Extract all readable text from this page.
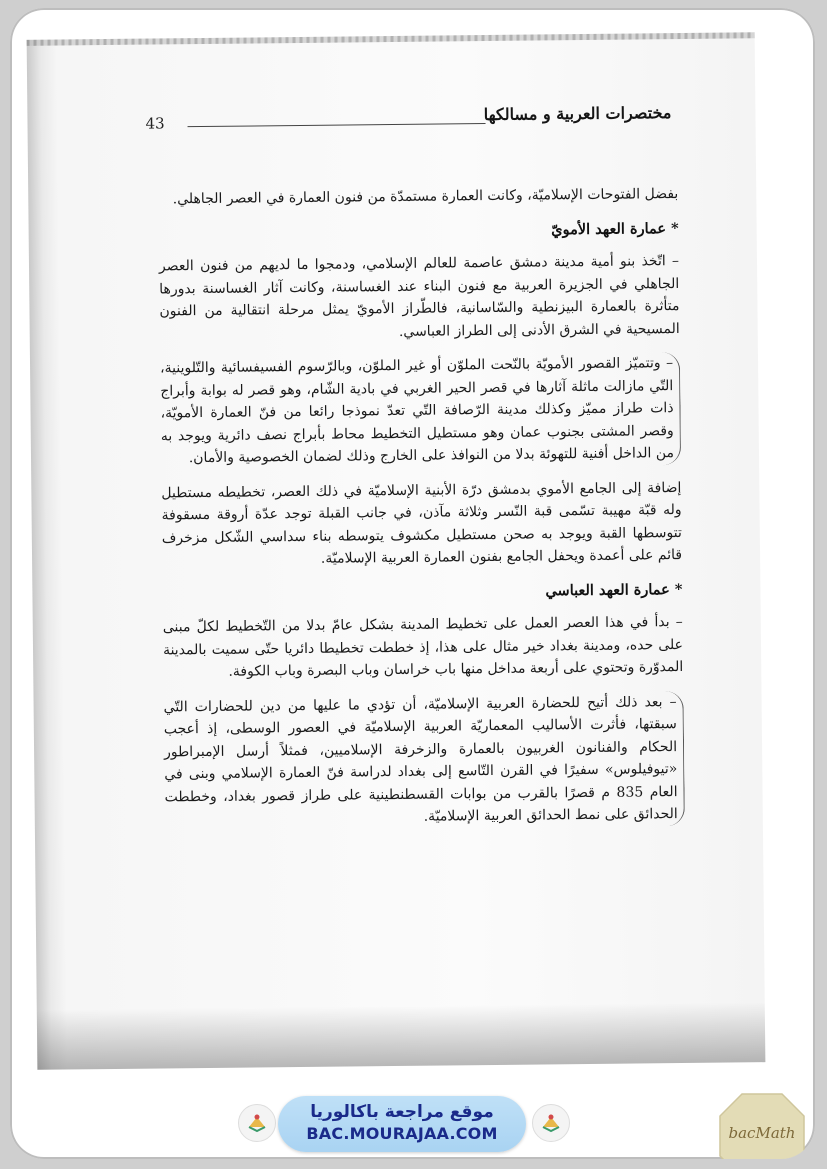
43	مختصرات العربية و مسالكها

بفضل الفتوحات الإسلاميّة، وكانت العمارة مستمدّة من فنون العمارة في العصر الجاهلي.

* عمارة العهد الأمويّ

– اتّخذ بنو أمية مدينة دمشق عاصمة للعالم الإسلامي، ودمجوا ما لديهم من فنون العصر الجاهلي في الجزيرة العربية مع فنون البناء عند الغساسنة، وكانت آثار الغساسنة بدورها متأثرة بالعمارة البيزنطية والسّاسانية، فالطّراز الأمويّ يمثل مرحلة انتقالية من الفنون المسيحية في الشرق الأدنى إلى الطراز العباسي.

– وتتميّز القصور الأمويّة بالنّحت الملوّن أو غير الملوّن، وبالرّسوم الفسيفسائية والتّلوينية، التّي مازالت ماثلة آثارها في قصر الحير الغربي في بادية الشّام، وهو قصر له بوابة وأبراج ذات طراز مميّز وكذلك مدينة الرّصافة التّي تعدّ نموذجا رائعا من فنّ العمارة الأمويّة، وقصر المشتى بجنوب عمان وهو مستطيل التخطيط محاط بأبراج نصف دائرية ويوجد به من الداخل أفنية للتهوئة بدلا من النوافذ على الخارج وذلك لضمان الخصوصية والأمان.

إضافة إلى الجامع الأموي بدمشق درّة الأبنية الإسلاميّة في ذلك العصر، تخطيطه مستطيل وله قبّة مهيبة تسّمى قبة النّسر وثلاثة مآذن، في جانب القبلة توجد عدّة أروقة مسقوفة تتوسطها القبة ويوجد به صحن مستطيل مكشوف يتوسطه بناء سداسي الشّكل مزخرف قائم على أعمدة ويحفل الجامع بفنون العمارة العربية الإسلاميّة.

* عمارة العهد العباسي

– بدأ في هذا العصر العمل على تخطيط المدينة بشكل عامّ بدلا من التّخطيط لكلّ مبنى على حده، ومدينة بغداد خير مثال على هذا، إذ خططت تخطيطا دائريا حتّى سميت بالمدينة المدوّرة وتحتوي على أربعة مداخل منها باب خراسان وباب البصرة وباب الكوفة.

– بعد ذلك أتيح للحضارة العربية الإسلاميّة، أن تؤدي ما عليها من دين للحضارات التّي سبقتها، فأثرت الأساليب المعماريّة العربية الإسلاميّة في العصور الوسطى، إذ أعجب الحكام والفنانون الغربيون بالعمارة والزخرفة الإسلاميين، فمثلاً أرسل الإمبراطور «تيوفيلوس» سفيرًا في القرن التّاسع إلى بغداد لدراسة فنّ العمارة الإسلامي وبنى في العام 835 م قصرًا بالقرب من بوابات القسطنطينية على طراز قصور بغداد، وخططت الحدائق على نمط الحدائق العربية الإسلاميّة.

موقع مراجعة باكالوريا
BAC.MOURAJAA.COM	bacMath
